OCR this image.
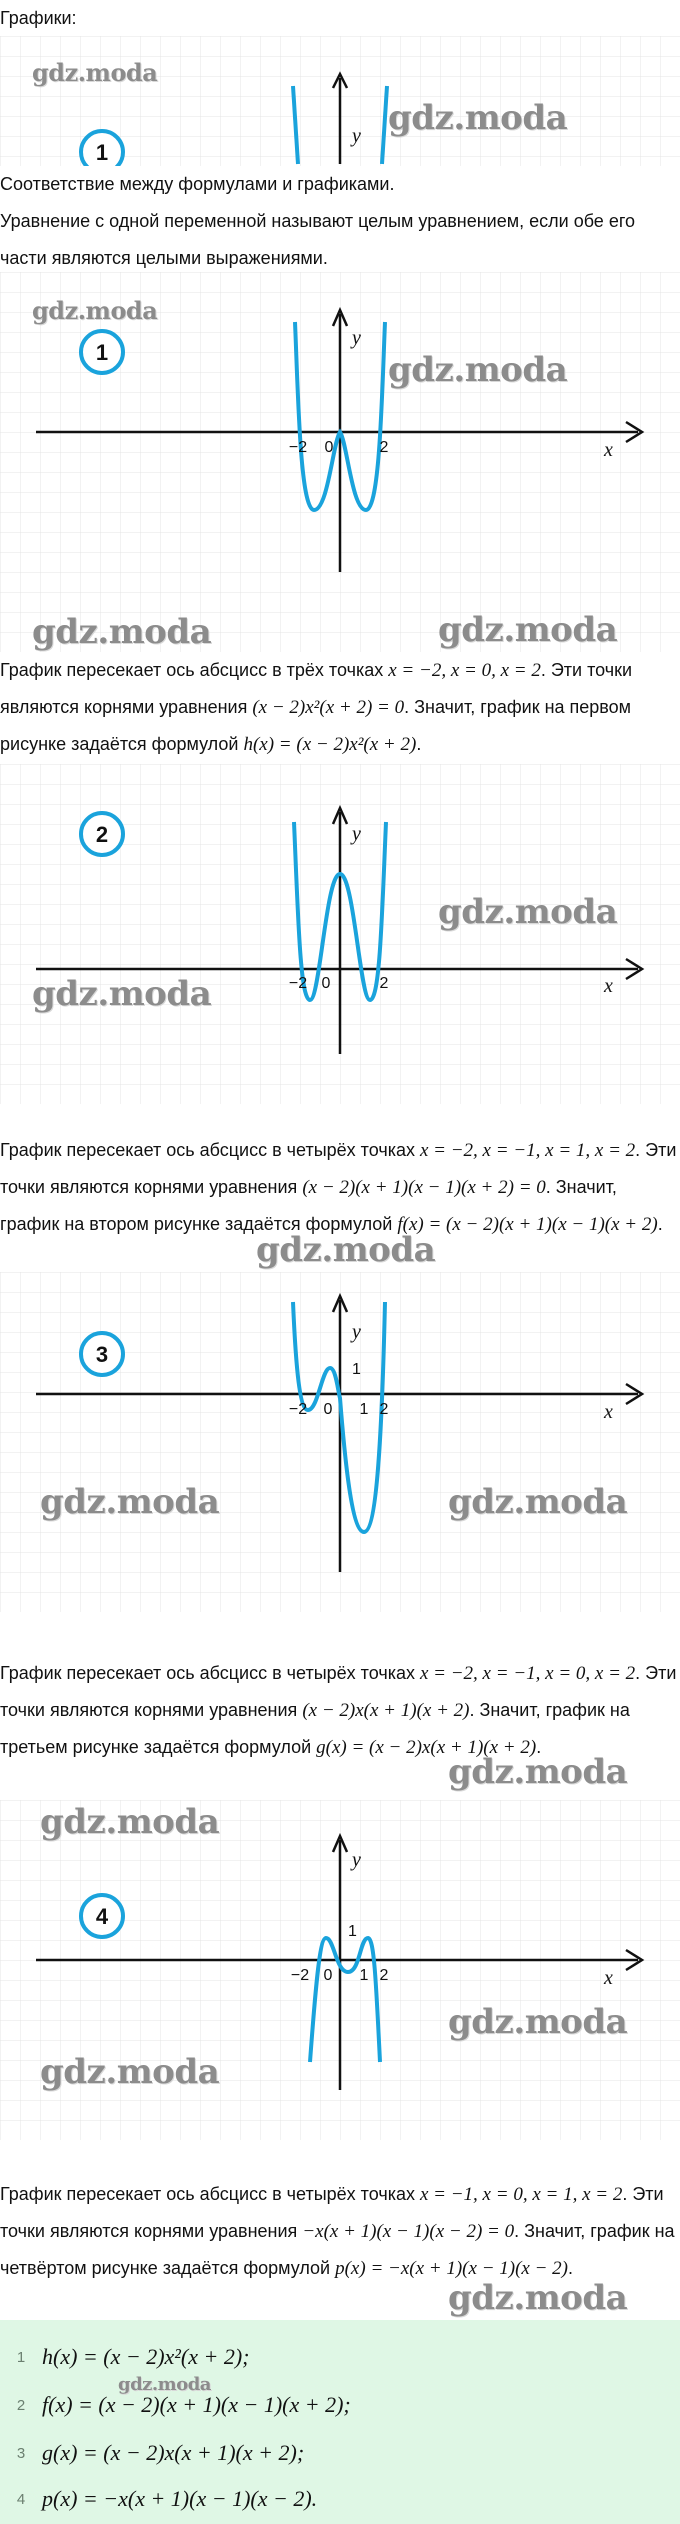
Графики:

1
y
gdz.moda
gdz.moda

Соответствие между формулами и графиками.

Уравнение с одной переменной называют целым уравнением, если обе его части являются целыми выражениями.

1
y
x
−2 0	2
gdz.moda
gdz.moda
gdz.moda	gdz.moda

График пересекает ось абсцисс в трёх точках x = −2, x = 0, x = 2. Эти точки являются корнями уравнения (x − 2)x²(x + 2) = 0. Значит, график на первом рисунке задаётся формулой h(x) = (x − 2)x²(x + 2).

2	y
x
−2 0	2
gdz.moda
gdz.moda

График пересекает ось абсцисс в четырёх точках x = −2, x = −1, x = 1, x = 2. Эти точки являются корнями уравнения (x − 2)(x + 1)(x − 1)(x + 2) = 0. Значит, график на втором рисунке задаётся формулой f(x) = (x − 2)(x + 1)(x − 1)(x + 2).

gdz.moda
3
y
1
x
−2 0 1 2
gdz.moda	gdz.moda

График пересекает ось абсцисс в четырёх точках x = −2, x = −1, x = 0, x = 2. Эти точки являются корнями уравнения (x − 2)x(x + 1)(x + 2). Значит, график на третьем рисунке задаётся формулой g(x) = (x − 2)x(x + 1)(x + 2).

gdz.moda
4
y
1
x
−2 0 1 2
gdz.moda
gdz.moda
gdz.moda

График пересекает ось абсцисс в четырёх точках x = −1, x = 0, x = 1, x = 2. Эти точки являются корнями уравнения −x(x + 1)(x − 1)(x − 2) = 0. Значит, график на четвёртом рисунке задаётся формулой p(x) = −x(x + 1)(x − 1)(x − 2).

gdz.moda
1 h(x) = (x − 2)x²(x + 2);
gdz.moda
2 f(x) = (x − 2)(x + 1)(x − 1)(x + 2);
3 g(x) = (x − 2)x(x + 1)(x + 2);
4 p(x) = −x(x + 1)(x − 1)(x − 2).
